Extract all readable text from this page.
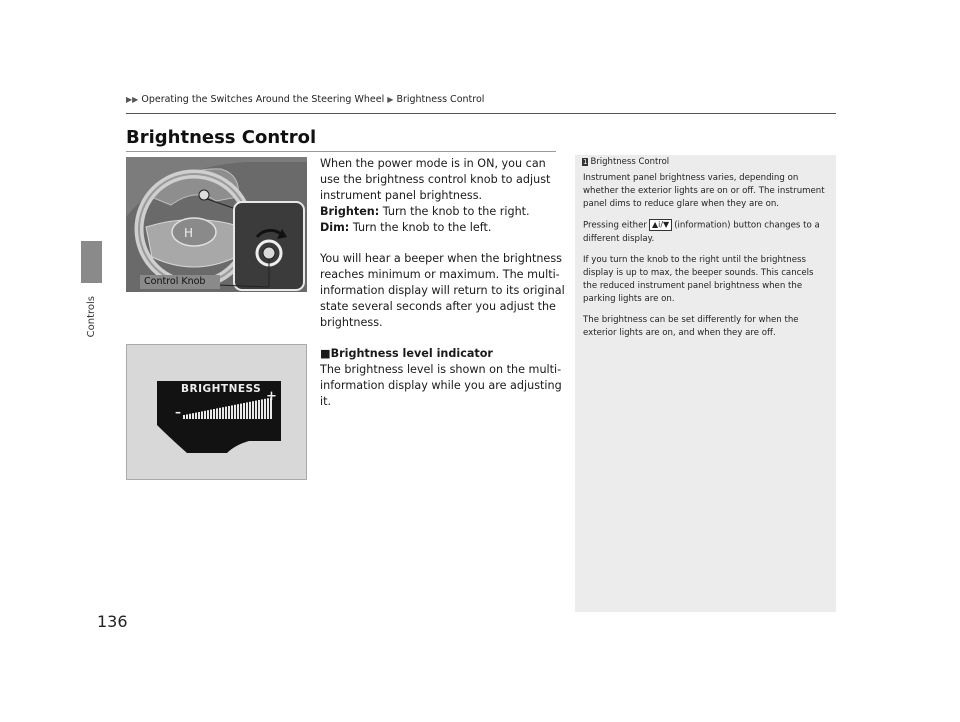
Controls
136
▶▶ Operating the Switches Around the Steering Wheel ▶ Brightness Control
Brightness Control
H
Control Knob
BRIGHTNESS
–
+

When the power mode is in ON, you can use the brightness control knob to adjust instrument panel brightness.

Brighten: Turn the knob to the right.

Dim: Turn the knob to the left.

You will hear a beeper when the brightness reaches minimum or maximum. The multi-information display will return to its original state several seconds after you adjust the brightness.

■Brightness level indicator

The brightness level is shown on the multi-information display while you are adjusting it.

1 Brightness Control

Instrument panel brightness varies, depending on whether the exterior lights are on or off. The instrument panel dims to reduce glare when they are on.

Pressing either ▲i/▼ (information) button changes to a different display.

If you turn the knob to the right until the brightness display is up to max, the beeper sounds. This cancels the reduced instrument panel brightness when the parking lights are on.

The brightness can be set differently for when the exterior lights are on, and when they are off.
